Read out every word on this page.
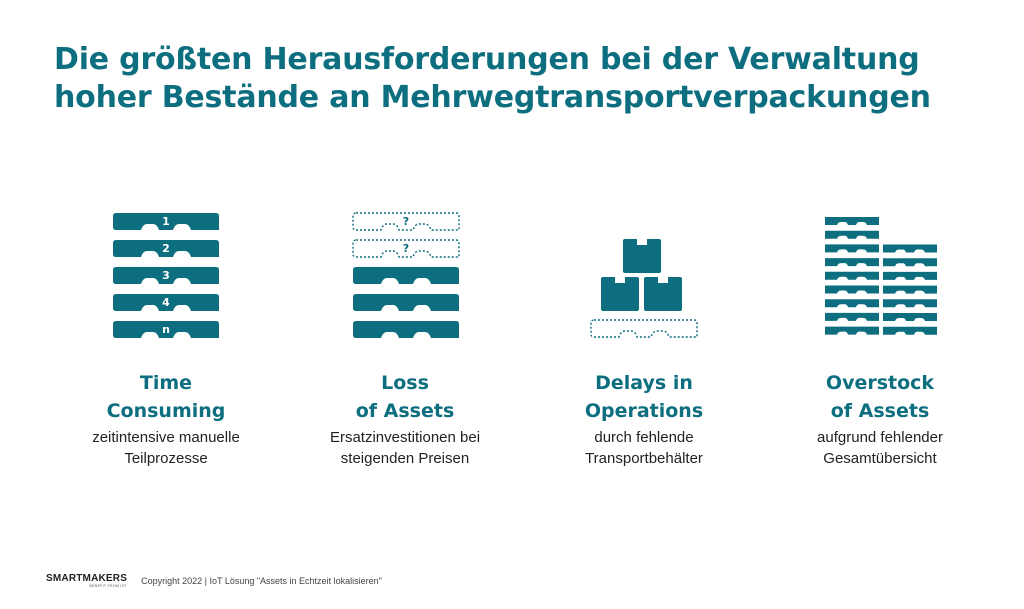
Die größten Herausforderungen bei der Verwaltung
hoher Bestände an Mehrwegtransportverpackungen
1
2
3
4
n
?
?
Time
Consuming
zeitintensive manuelle
Teilprozesse
Loss
of Assets
Ersatzinvestitionen bei
steigenden Preisen
Delays in
Operations
durch fehlende
Transportbehälter
Overstock
of Assets
aufgrund fehlender
Gesamtübersicht
SMARTMAKERS
BENEFIT FROM IOT Copyright 2022 | IoT Lösung "Assets in Echtzeit lokalisieren"
